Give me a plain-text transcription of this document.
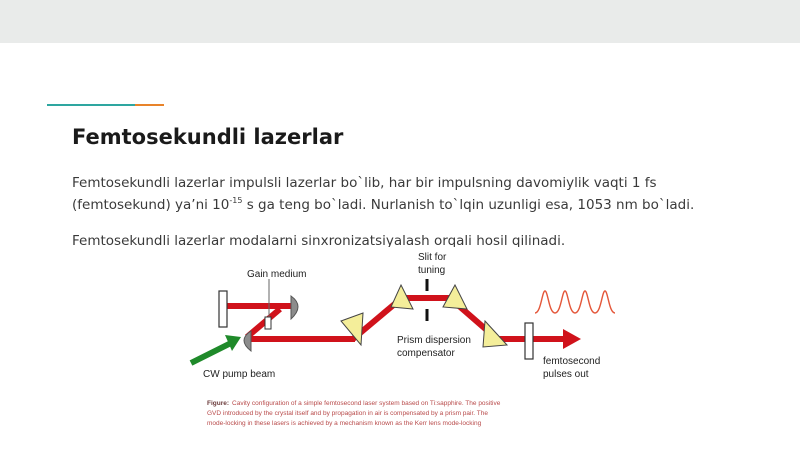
Femtosekundli lazerlar

Femtosekundli lazerlar impulsli lazerlar bo`lib, har bir impulsning davomiylik vaqti 1 fs (femtosekund) ya’ni $10^{-15}$ s ga teng bo`ladi. Nurlanish to`lqin uzunligi esa, 1053 nm bo`ladi.

Femtosekundli lazerlar modalarni sinxronizatsiyalash orqali hosil qilinadi.

Gain medium
Slit for
tuning
Prism dispersion
compensator
CW pump beam
femtosecond
pulses out
Figure: Cavity configuration of a simple femtosecond laser system based on Ti:sapphire. The positive
GVD introduced by the crystal itself and by propagation in air is compensated by a prism pair. The
mode-locking in these lasers is achieved by a mechanism known as the Kerr lens mode-locking
